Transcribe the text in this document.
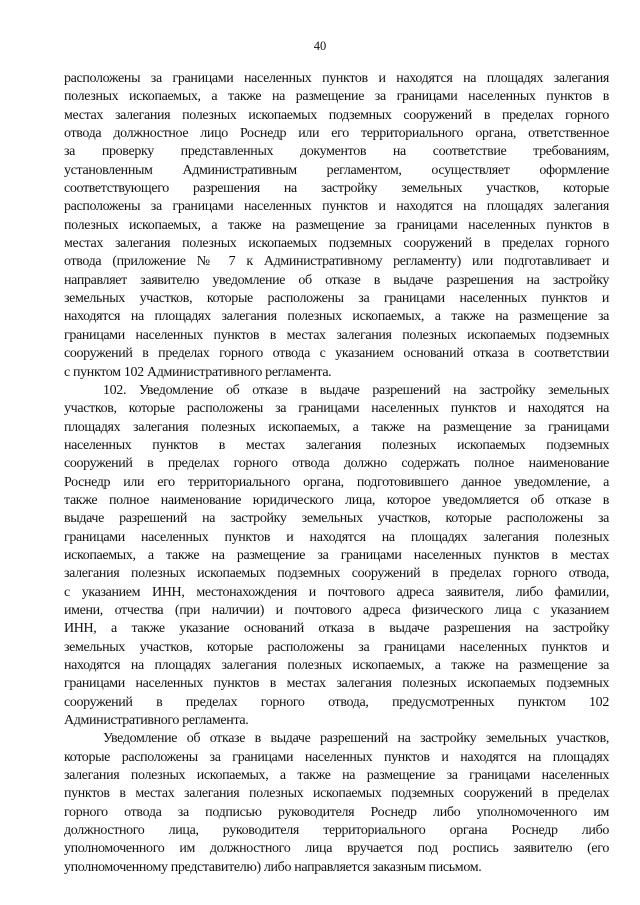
40
расположены за границами населенных пунктов и находятся на площадях залегания
полезных ископаемых, а также на размещение за границами населенных пунктов в
местах залегания полезных ископаемых подземных сооружений в пределах горного
отвода должностное лицо Роснедр или его территориального органа, ответственное
за проверку представленных документов на соответствие требованиям,
установленным Административным регламентом, осуществляет оформление
соответствующего разрешения на застройку земельных участков, которые
расположены за границами населенных пунктов и находятся на площадях залегания
полезных ископаемых, а также на размещение за границами населенных пунктов в
местах залегания полезных ископаемых подземных сооружений в пределах горного
отвода (приложение № 7 к Административному регламенту) или подготавливает и
направляет заявителю уведомление об отказе в выдаче разрешения на застройку
земельных участков, которые расположены за границами населенных пунктов и
находятся на площадях залегания полезных ископаемых, а также на размещение за
границами населенных пунктов в местах залегания полезных ископаемых подземных
сооружений в пределах горного отвода с указанием оснований отказа в соответствии
с пунктом 102 Административного регламента.
102. Уведомление об отказе в выдаче разрешений на застройку земельных
участков, которые расположены за границами населенных пунктов и находятся на
площадях залегания полезных ископаемых, а также на размещение за границами
населенных пунктов в местах залегания полезных ископаемых подземных
сооружений в пределах горного отвода должно содержать полное наименование
Роснедр или его территориального органа, подготовившего данное уведомление, а
также полное наименование юридического лица, которое уведомляется об отказе в
выдаче разрешений на застройку земельных участков, которые расположены за
границами населенных пунктов и находятся на площадях залегания полезных
ископаемых, а также на размещение за границами населенных пунктов в местах
залегания полезных ископаемых подземных сооружений в пределах горного отвода,
с указанием ИНН, местонахождения и почтового адреса заявителя, либо фамилии,
имени, отчества (при наличии) и почтового адреса физического лица с указанием
ИНН, а также указание оснований отказа в выдаче разрешения на застройку
земельных участков, которые расположены за границами населенных пунктов и
находятся на площадях залегания полезных ископаемых, а также на размещение за
границами населенных пунктов в местах залегания полезных ископаемых подземных
сооружений в пределах горного отвода, предусмотренных пунктом 102
Административного регламента.
Уведомление об отказе в выдаче разрешений на застройку земельных участков,
которые расположены за границами населенных пунктов и находятся на площадях
залегания полезных ископаемых, а также на размещение за границами населенных
пунктов в местах залегания полезных ископаемых подземных сооружений в пределах
горного отвода за подписью руководителя Роснедр либо уполномоченного им
должностного лица, руководителя территориального органа Роснедр либо
уполномоченного им должностного лица вручается под роспись заявителю (его
уполномоченному представителю) либо направляется заказным письмом.
